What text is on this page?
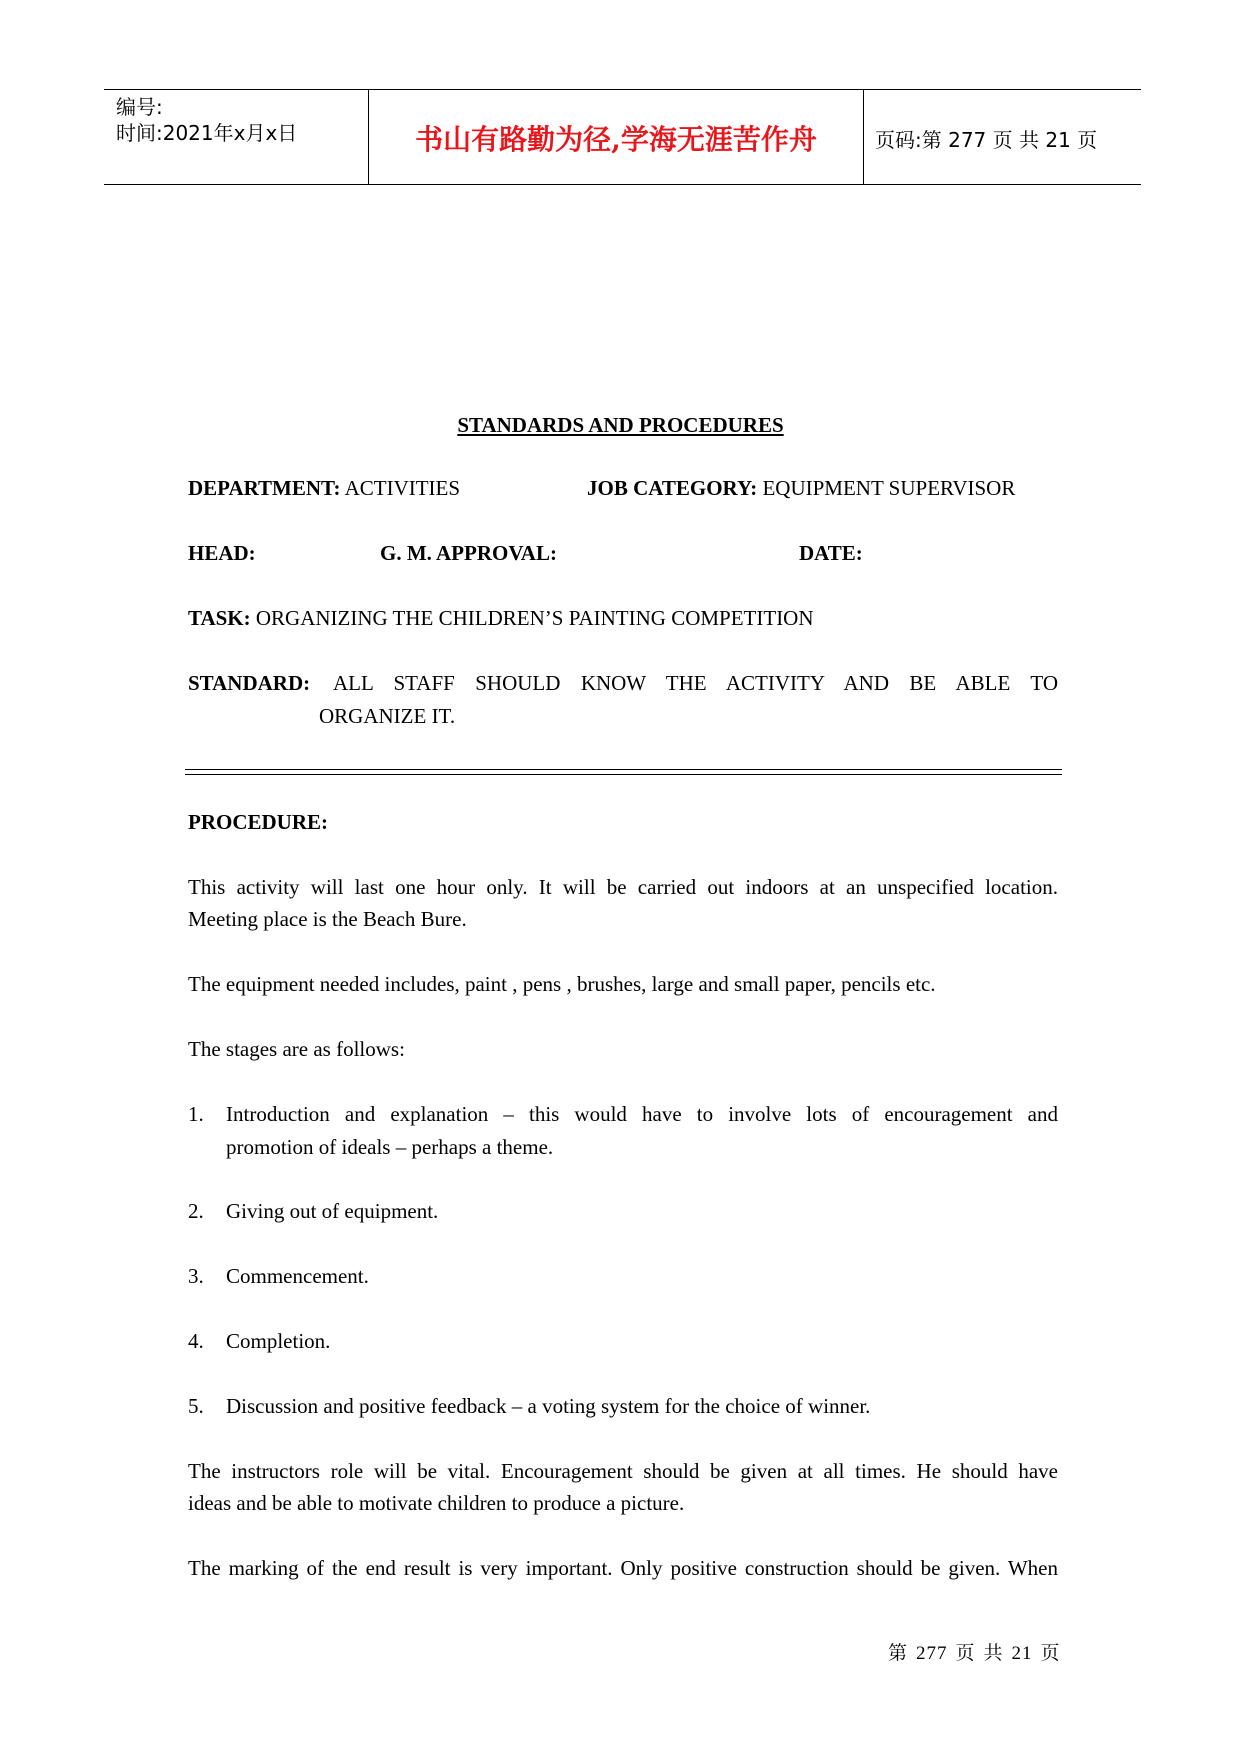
编号:
时间:2021年x月x日	书山有路勤为径,学海无涯苦作舟	页码:第 277 页 共 21 页
STANDARDS AND PROCEDURES
DEPARTMENT: ACTIVITIES	JOB CATEGORY: EQUIPMENT SUPERVISOR
HEAD:	G. M. APPROVAL:	DATE:
TASK: ORGANIZING THE CHILDREN’S PAINTING COMPETITION
STANDARD: ALL STAFF SHOULD KNOW THE ACTIVITY AND BE ABLE TO
ORGANIZE IT.
PROCEDURE:
This activity will last one hour only. It will be carried out indoors at an unspecified location.
Meeting place is the Beach Bure.
The equipment needed includes, paint , pens , brushes, large and small paper, pencils etc.
The stages are as follows:
1. Introduction and explanation – this would have to involve lots of encouragement and
promotion of ideals – perhaps a theme.
2. Giving out of equipment.
3. Commencement.
4. Completion.
5. Discussion and positive feedback – a voting system for the choice of winner.
The instructors role will be vital. Encouragement should be given at all times. He should have
ideas and be able to motivate children to produce a picture.
The marking of the end result is very important. Only positive construction should be given. When
第 277 页 共 21 页
